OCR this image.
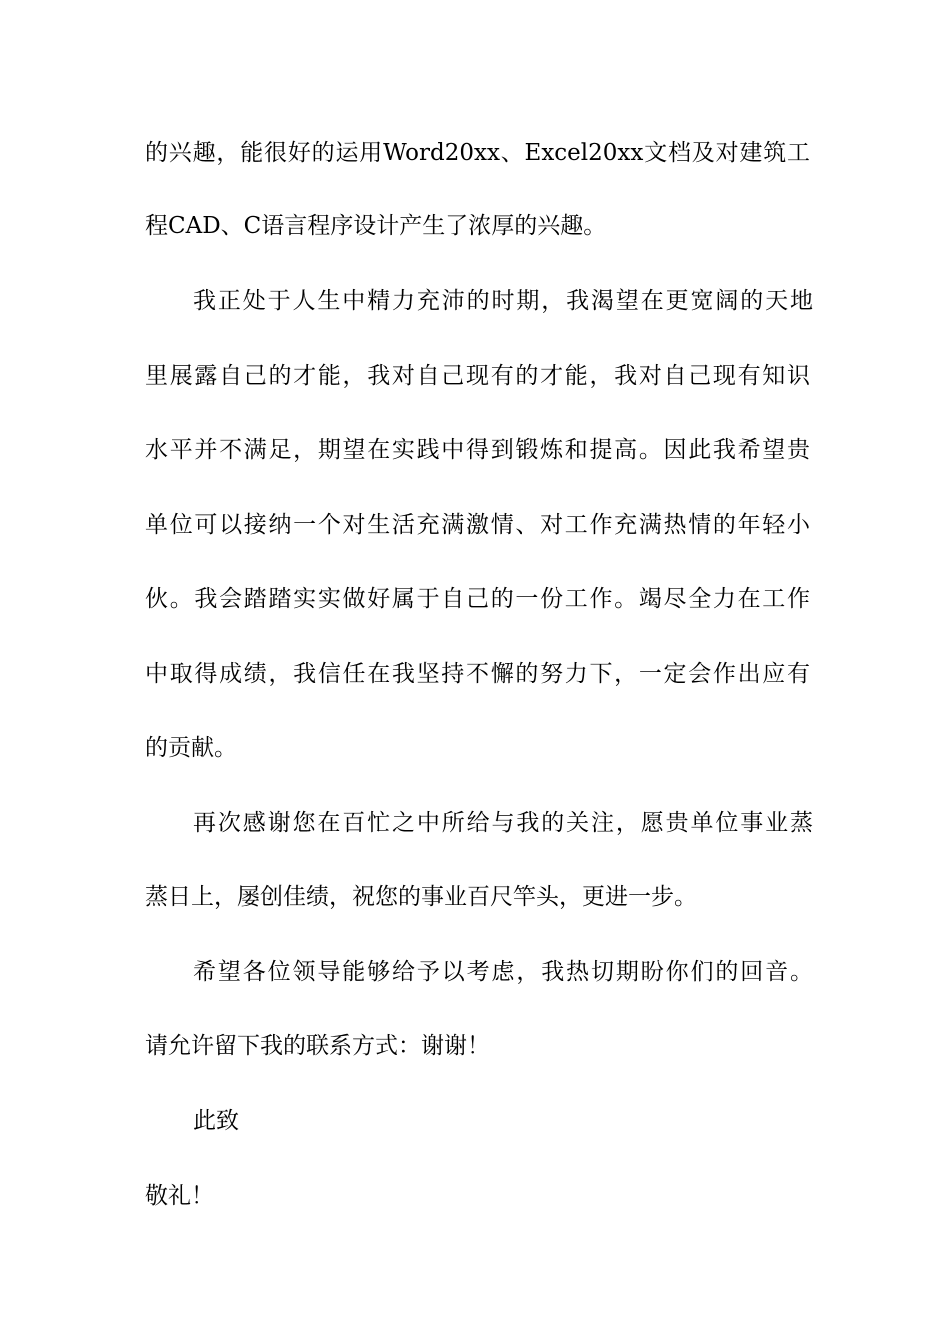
的兴趣，能很好的运用Word20xx、Excel20xx文档及对建筑工
程CAD、C语言程序设计产生了浓厚的兴趣。
我正处于人生中精力充沛的时期，我渴望在更宽阔的天地
里展露自己的才能，我对自己现有的才能，我对自己现有知识
水平并不满足，期望在实践中得到锻炼和提高。因此我希望贵
单位可以接纳一个对生活充满激情、对工作充满热情的年轻小
伙。我会踏踏实实做好属于自己的一份工作。竭尽全力在工作
中取得成绩，我信任在我坚持不懈的努力下，一定会作出应有
的贡献。
再次感谢您在百忙之中所给与我的关注，愿贵单位事业蒸
蒸日上，屡创佳绩，祝您的事业百尺竿头，更进一步。
希望各位领导能够给予以考虑，我热切期盼你们的回音。
请允许留下我的联系方式：谢谢！
此致
敬礼！
